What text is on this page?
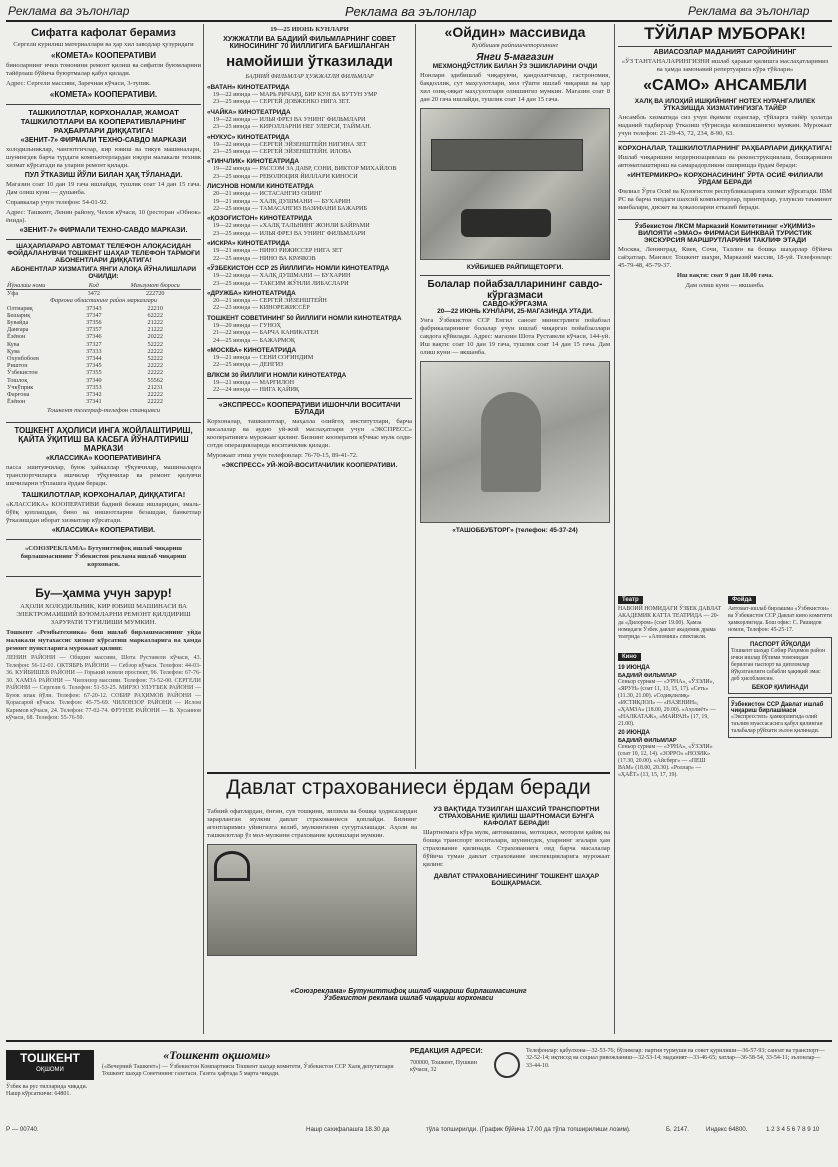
Реклама ва эълонлар	Реклама ва эълонлар	Реклама ва эълонлар
Сифатга кафолат берамиз
Сергели курилиш материаллари ва ҳар хил заводлар ҳузуридаги
«КОМЕТА» КООПЕРАТИВИ
биноларнинг ички томонини ремонт қилиш ва сифатли буюмларини тайёрлаш бўйича буюртмалар қабул қилади.
Адрес: Сергели массиви, Заречная кўчаси, 3-тупик.
«КОМЕТА» КООПЕРАТИВИ.
ТАШКИЛОТЛАР, КОРХОНАЛАР, ЖАМОАТ ТАШКИЛОТЛАРИ ВА КООПЕРАТИВЛАРНИНГ РАҲБАРЛАРИ ДИҚҚАТИГА!
«ЗЕНИТ-7» ФИРМАЛИ ТЕХНО-САВДО МАРКАЗИ
холодильниклар, чангютгичлар, кир ювиш ва тикув машиналари, шунингдек барча турдаги компьютерлардан юқори малакали техник хизмат кўрсатади ва уларни ремонт қилади.
ПУЛ ЎТКАЗИШ ЙЎЛИ БИЛАН ҲАҚ ТЎЛАНАДИ.
Магазин соат 10 дан 19 гача ишлайди, тушлик соат 14 дан 15 гача. Дам олиш куни — душанба.
Справкалар учун телефон: 54-01-92.
Адрес: Ташкент, Ленин району, Чехов кўчаси, 10 (ресторан «Обнок» ёнида).
«ЗЕНИТ-7» ФИРМАЛИ ТЕХНО-САВДО МАРКАЗИ.
ШАҲАРЛАРАРО АВТОМАТ ТЕЛЕФОН АЛОҚАСИДАН ФОЙДАЛАНУВЧИ ТОШКЕНТ ШАҲАР ТЕЛЕФОН ТАРМОҒИ АБОНЕНТЛАРИ ДИҚҚАТИГА!
АБОНЕНТЛАР ХИЗМАТИГА ЯНГИ АЛОҚА ЙЎНАЛИШЛАРИ ОЧИЛДИ:
Йўналиш номи	Код	Маълумот бюроси
Уфа	3472	222720
Фарғона областининг район марказлари		
Олтиариқ	37343	22210
Бешариқ	37347	62222
Бувайда	37356	21222
Данғара	37357	21222
Ёзёвон	37346	20222
Кува	37327	52222
Қува	37333	22222
Охунбобоев	37344	52222
Риштон	37345	22222
Ўзбекистон	37355	22222
Тошлоқ	37340	55562
Учкўприк	37353	21231
Фарғона	37342	22222
Ёзёвон	37341	22222
Тошкент телеграф-телефон станцияси
ТОШКЕНТ АҲОЛИСИ ИНГА ЖОЙЛАШТИРИШ, ҚАЙТА ЎҚИТИШ ВА КАСБГА ЙЎНАЛТИРИШ МАРКАЗИ
«КЛАССИКА» КООПЕРАТИВИНГА
пасса эшитувчилар, буюк ҳайкаллар тўқувчилар, машиналарга транспортчиларга ишчилар тўқувчилар ва ремонт қилувчи ишчиларни тўплашга ёрдам беради.
ТАШКИЛОТЛАР, КОРХОНАЛАР, ДИҚҚАТИГА!
«КЛАССИКА» КООПЕРАТИВИ бадиий бежаш ишларидан, эмаль-бўёқ қоплашдан, бино ва иншоотларни безашдан, банкетлар ўтказишдан иборат хизматлар кўрсатади.
«КЛАССИКА» КООПЕРАТИВИ.
«СОЮЗРЕКЛАМА» Бутуниттифоқ ишлаб чиқариш бирлашмасининг Ўзбекистон реклама ишлаб чиқариш корхонаси.
Бу—ҳамма учун зарур!
АҲОЛИ ХОЛОДИЛЬНИК, КИР ЮВИШ МАШИНАСИ ВА ЭЛЕКТРОМАИШИЙ БУЮМЛАРНИ РЕМОНТ ҚИЛДИРИШ ЗАРУРАТИ ТУҒИЛИШИ МУМКИН.
Тошкент «Рембытехника» бош ишлаб бирлашмасининг уйда малакали мутахассис хизмат кўрсатиш марказларига ва ҳамда ремонт пунктларига мурожаат қилинг.
ЛЕНИН РАЙОНИ — Обидин массиви, Шота Руставели кўчаси, 43. Телефон: 56-12-01. ОКТЯБРЬ РАЙОНИ — Себзор кўчаси. Телефон: 44-03-36. КУЙБИШЕВ РАЙОНИ — Горький номли проспект, 96. Телефон: 67-76-30. ХАМЗА РАЙОНИ — Чилонзор массиви. Телефон: 73-52-00. СЕРГЕЛИ РАЙОНИ — Сергели 6. Телефон: 51-53-25. МИРЗО УЛУҒБЕК РАЙОНИ — Буюк ипак йўли. Телефон: 67-20-12. СОБИР РАҲИМОВ РАЙОНИ — Қорасарой кўчаси. Телефон: 45-75-69. ЧИЛОНЗОР РАЙОНИ — Ислом Каримов кўчаси, 24. Телефон: 77-02-74. ФРУНЗЕ РАЙОНИ — В. Хусаинов кўчаси, 68. Телефон: 55-76-50.
19—25 ИЮНЬ КУНЛАРИ
ХУЖЖАТЛИ ВА БАДИИЙ ФИЛЬМЛАРНИНГ СОВЕТ КИНОСИНИНГ 70 ЙИЛЛИГИГА БАҒИШЛАНГАН
намойиши ўтказилади
БАДИИЙ ФИЛЬМЛАР ҲУЖЖАТЛИ ФИЛЬМЛАР
«ВАТАН» КИНОТЕАТРИДА
19—22 июнда — МАРЬ РИЧАРД, БИР КУН ВА БУТУН УМР
23—25 июнда — СЕРГЕЙ ДОВЖЕНКО НИГА ЗЕТ.
«ЧАЙКА» КИНОТЕАТРИДА
19—22 июнда — ИЛЬЯ ФРЕЗ ВА УНИНГ ФИЛЬМЛАРИ
23—25 июнда — КИРОЛЛАРНИ НЕГ УЛЕРСИ, ТАЙМАН.
«НУКУС» КИНОТЕАТРИДА
19—22 июнда — СЕРГЕЙ ЭЙЗЕНШТЕЙН НИГИНА ЗЕТ
23—25 июнда — СЕРГЕЙ ЭЙЗЕНШТЕЙН. ИЛОВА
«ТИНЧЛИК» КИНОТЕАТРИДА
19—22 июнда — РАССОМ ЗА ДАВР, СОНИ, ВИКТОР МИХАЙЛОВ
23—25 июнда — РЕВОЛЮЦИЯ ЙИЛЛАРИ КИНОСИ
ЛИСУНОВ НОМЛИ КИНОТЕАТРДА
20—21 июнда — ИСТАСАНГИЗ ОЛИНГ
19—21 июнда — ХАЛҚ ДУШМАНИ — БУХАРИН
22—25 июнда — ТАМАСАНГИЗ ВАЗИФАНИ БАЖАРИБ
«ҚОЗОҒИСТОН» КИНОТЕАТРИДА
19—22 июнда — «ХАЛҚ ТАЛЬНИНГ ЖОНЛИ БАЙРАМИ
23—25 июнда — ИЛЬЯ ФРЕЗ ВА УНИНГ ФИЛЬМЛАРИ
«ИСКРА» КИНОТЕАТРИДА
19—21 июнда — НИНО РИЖИССЕР НИГА ЗЕТ
22—25 июнда — НИНО ВА КРАЧКОВ
«ЎЗБЕКИСТОН ССР 25 ЙИЛЛИГИ» НОМЛИ КИНОТЕАТРДА
19—22 июнда — ХАЛҚ ДУШМАНИ — БУХАРИН
23—25 июнда — ТАКСИМ ЖЎНЛИ ЛИБАСЛАРИ
«ДРУЖБА» КИНОТЕАТРИДА
20—21 июнда — СЕРГЕЙ ЭЙЗЕНШТЕЙН
22—23 июнда — КИНОРЕЖИССЁР
ТОШКЕНТ СОВЕТИНИНГ 50 ЙИЛЛИГИ НОМЛИ КИНОТЕАТРДА
19—20 июнда — ГУНОҲ
21—22 июнда — БАРЧА КАНИКАТЕН
24—25 июнда — БАЖАРМОҚ
«МОСКВА» КИНОТЕАТРИДА
19—21 июнда — СЕНИ СОҒИНДИМ
22—25 июнда — ДЕНГИЗ
ВЛКСМ 30 ЙИЛЛИГИ НОМЛИ КИНОТЕАТРДА
19—21 июнда — МАРҒИЛОН
22—24 июнда — НИГА ҚАЙИҚ
«ЭКСПРЕСС» КООПЕРАТИВИ ИШОНЧЛИ ВОСИТАЧИ БЎЛАДИ
Корхоналар, ташкилотлар, маҳалла олийгоҳ институтлари, барча масалалар ва аудио уй-жой маслаҳатлари учун «ЭКСПРЕСС» кооперативига мурожаат қилинг. Бизнинг кооператив кўчмас мулк олди-сотди операцияларида воситачилик қилади.
Мурожаат этиш учун телефонлар: 76-70-15, 89-41-72.
«ЭКСПРЕСС» УЙ-ЖОЙ-ВОСИТАЧИЛИК КООПЕРАТИВИ.
«Ойдин» массивида
Куйбишев райпишчеторгининг
Янги 5-магазин
МЕХМОНДЎСТЛИК БИЛАН ЎЗ ЭШИКЛАРИНИ ОЧДИ
Нонлари эдибишлаб чиқарувчи, қандолатчилар, гастрономия, баққоллик, сут маҳсулотлари, мол гўшти ишлаб чиқариш ва ҳар хил озиқ-овқат маҳсулотлари олишингиз мумкин. Магазин соат 8 дан 20 гача ишлайди, тушлик соат 14 дан 15 гача.
КУЙБИШЕВ РАЙПИЩЕТОРГИ.
Болалар пойабзалларининг савдо-кўргазмаси
САВДО-КЎРГАЗМА
20—22 ИЮНЬ КУНЛАРИ, 25-МАГАЗИНДА УТАДИ.
Унга Ўзбекистон ССР Енгил саноат министрлиги пойабзал фабрикаларининг болалар учун ишлаб чиқарган пойабзаллари савдога қўйилади. Адрес: магазин Шота Руставели кўчаси, 144-уй. Иш вақти: соат 10 дан 19 гача, тушлик соат 14 дан 15 гача. Дам олиш куни — якшанба.
«ТАШОББУБТОРГ» (телефон: 45-37-24)
ТЎЙЛАР МУБОРАК!
АВИАСОЗЛАР МАДАНИЯТ САРОЙИНИНГ
«ЎЗ ТАНТАНАЛАРИНГИЗНИ ишлаб ҳаракат қилишга маслаҳатларимиз ва ҳамда замонавий репертуарига кўра тўйлари»
«САМО» АНСАМБЛИ
ХАЛҚ ВА ИЛОҲИЙ ИШҚИЙНИНГ НОТЕХ НУРАНГАЛИЛЕК ЎТКАЗИШДА ХИЗМАТИНГИЗГА ТАЙЁР
Ансамбль хизматида сиз учун ёқимли оҳанглар, тўйларга тайёр ҳолатда маданий тадбирлар ўтказиш тўғрисида келишишингиз мумкин. Мурожаат учун телефон: 21-29-43, 72, 234, 8-90, 63.
КОРХОНАЛАР, ТАШКИЛОТЛАРНИНГ РАҲБАРЛАРИ ДИҚҚАТИГА!
Ишлаб чиқаришни модернизациялаш ва реконструкциялаш, бошқаришни автоматлаштириш ва самарадорликни оширишда ёрдам беради:
«ИНТЕРМИКРО» КОРХОНАСИНИНГ ЎРТА ОСИЁ ФИЛИАЛИ ЎРДАМ БЕРАДИ
Филиал Ўрта Осиё ва Қозоғистон республикаларига хизмат кўрсатади. IBM PC ва барча типдаги шахсий компьютерлар, принтерлар, узлуксиз таъминот манбалари, дискет ва ҳоказоларни етказиб беради.
Ўзбекистон ЛКСМ Марказий Комитетининг «УҚИМИЗ» ВИЛОЯТИ «ЭМАО» ФИРМАСИ БИНКВАЙ ТУРИСТИК ЭКСКУРСИЯ МАРШРУТЛАРИНИ ТАКЛИФ ЭТАДИ
Москва, Ленинград, Киев, Сочи, Таллин ва бошқа шаҳарлар бўйича саёҳатлар. Манзил: Тошкент шаҳри, Марказий массив, 18-уй. Телефонлар: 45-79-48, 45-79-37.
Иш вақти: соат 9 дан 18.00 гача.
Дам олиш куни — якшанба.
Театр
НАВОИЙ НОМИДАГИ ЎЗБЕК ДАВЛАТ АКАДЕМИК КАТТА ТЕАТРИДА — 20-да «Дилором» (соат 19.00). Ҳамза номидаги Ўзбек давлат академик драма театрида — «Алпомиш» спектакли.
Кино
19 ИЮНДА
БАДИИЙ ФИЛЬМЛАР
Сеньор сурнам — «УРНА», «ЎЗЭЛИ», «ЯРУН» (соат 11, 13, 15, 17). «Сеть» (11.30, 21.00). «Содиқлилиқ» «ИСТИҚЛОЛ» — «НАЗЕНИН», «ҲАМЗА» (18.00, 20.00). «Аҳолиёт» — «НАЛКАТАЖ», «МАЙРАН» (17, 19, 21.00).
20 ИЮНДА
БАДИИЙ ФИЛЬМЛАР
Сеньор сурнам — «УРНА», «ЎЗЭЛИ» (соат 10, 12, 14). «ЗОРРО» «НОЗИК» (17.30, 20.00). «Айсберг» — «ПЕШ ВАМ» (18.00, 20.30). «Роллар» — «ҲАЁТ» (13, 15, 17, 19).
Фойда
Автомат-ишлаб бирлашма «Ўзбекистон» ва Ўзбекистон ССР Давлат кино комитети ҳамкорлигида. Бош офис: С. Рашидов номли, Телефон: 45-25-17.
ПАСПОРТ ЙЎҚОЛДИ
Тошкент шаҳар Собир Раҳимов район ички ишлар бўлими томонидан берилган паспорт ва дипломлар йўқолганлиги сабабли ҳақиқий эмас деб ҳисоблансин.
БЕКОР ҚИЛИНАДИ
Ўзбекистон ССР Давлат ишлаб чиқариш бирлашмаси
«Экспресстеп» ҳамкорлигида олий таълим муассасасига қабул қилинган талабалар рўйхати эълон қилинади.
Давлат страхованиеси ёрдам беради
Табиий офатлардан, ёнғин, сув тошқини, зилзила ва бошқа ҳодисалардан зарарланган мулкни давлат страхованиеси қоплайди. Бизнинг агентларимиз уйингизга келиб, мулкингизни сугурталашади. Аҳоли ва ташкилотлар ўз мол-мулкини страхование қилишлари мумкин.
УЗ ВАҚТИДА ТУЗИЛГАН ШАХСИЙ ТРАНСПОРТНИ СТРАХОВАНИЕ ҚИЛИШ ШАРТНОМАСИ БУНГА КАФОЛАТ БЕРАДИ!
Шартномага кўра мулк, автомашина, мотоцикл, моторли қайиқ ва бошқа транспорт воситалари, шунингдек, уларнинг эгалари ҳам страхование қилинади. Страхованиега оид барча масалалар бўйича туман давлат страхование инспекцияларига мурожаат қилинг.
ДАВЛАТ СТРАХОВАНИЕСИНИНГ ТОШКЕНТ ШАҲАР БОШҚАРМАСИ.
«Союзреклама» Бутуниттифоқ ишлаб чиқариш бирлашмасининг
Ўзбекистон реклама ишлаб чиқариш корхонаси
ТОШКЕНТ
ОҚШОМИ
Ўзбек ва рус тилларида чиқади. Нашр кўрсаткичи: 64801.
«Тошкент оқшоми»
(«Вечерний Ташкент») — Ўзбекистон Компартияси Тошкент шаҳар комитети, Ўзбекистон ССР Халқ депутатлари Тошкент шаҳар Советининг газетаси. Газета ҳафтада 5 марта чиқади.
РЕДАКЦИЯ АДРЕСИ:
700000, Тошкент, Пушкин кўчаси, 32
Телефонлар: қабулхона—32-53-76; бўлимлар: партия турмуши ва совет қурилиши—36-57-93; саноат ва транспорт—32-52-14; иқтисод ва социал ривожланиш—32-53-14; маданият—33-46-65; хатлар—36-58-54, 33-54-11; эълонлар—33-44-10.
Р — 00740.	Нашр сахифалашга 18.30 да	тўла топширилди. (График бўйича 17.00 да тўла топширилиши лозим).	Б. 2147.	Индекс 64800.	1 2 3 4 5 6 7 8 9 10
